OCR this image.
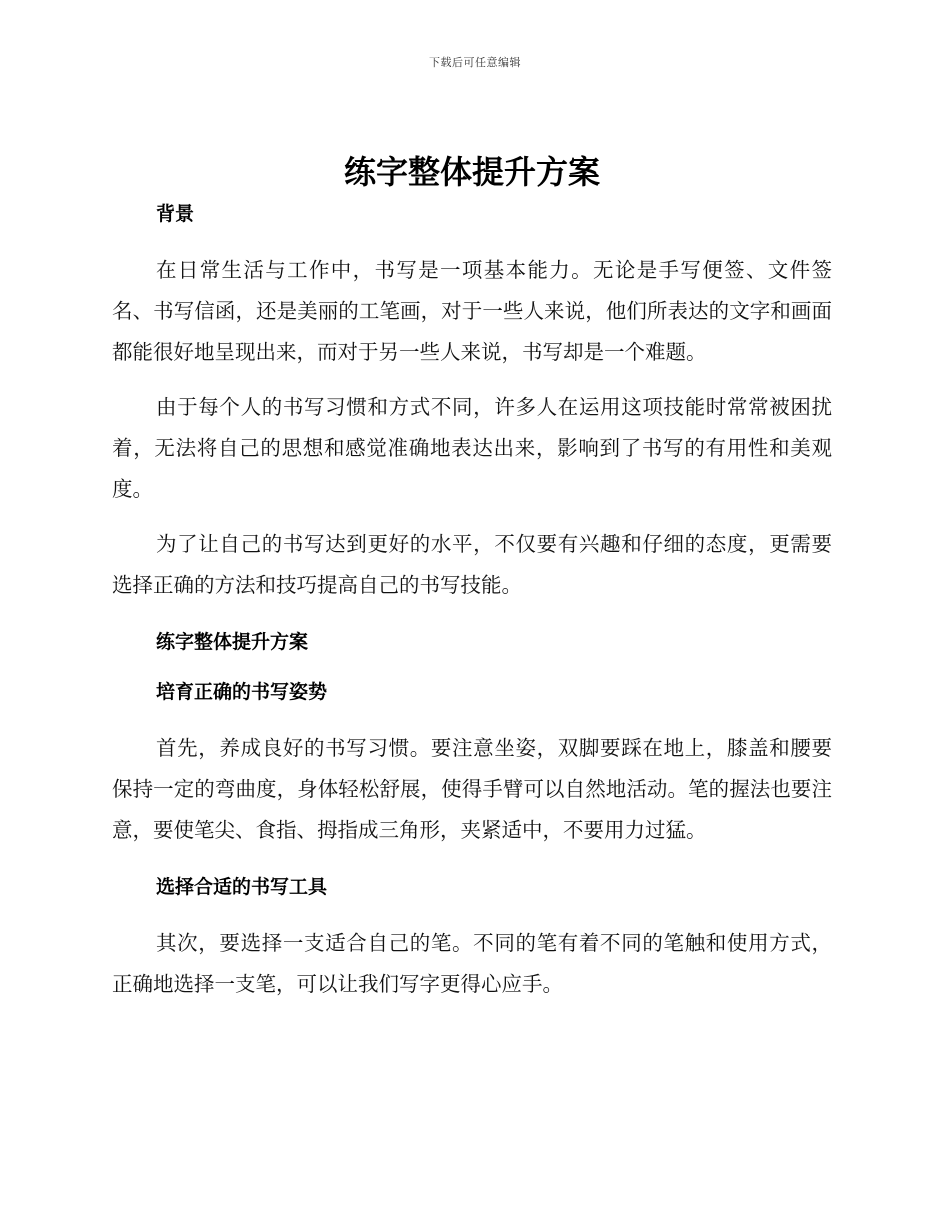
下载后可任意编辑
练字整体提升方案

背景

在日常生活与工作中，书写是一项基本能力。无论是手写便签、文件签名、书写信函，还是美丽的工笔画，对于一些人来说，他们所表达的文字和画面都能很好地呈现出来，而对于另一些人来说，书写却是一个难题。

由于每个人的书写习惯和方式不同，许多人在运用这项技能时常常被困扰着，无法将自己的思想和感觉准确地表达出来，影响到了书写的有用性和美观度。

为了让自己的书写达到更好的水平，不仅要有兴趣和仔细的态度，更需要选择正确的方法和技巧提高自己的书写技能。

练字整体提升方案

培育正确的书写姿势

首先，养成良好的书写习惯。要注意坐姿，双脚要踩在地上，膝盖和腰要保持一定的弯曲度，身体轻松舒展，使得手臂可以自然地活动。笔的握法也要注意，要使笔尖、食指、拇指成三角形，夹紧适中，不要用力过猛。

选择合适的书写工具

其次，要选择一支适合自己的笔。不同的笔有着不同的笔触和使用方式，正确地选择一支笔，可以让我们写字更得心应手。
